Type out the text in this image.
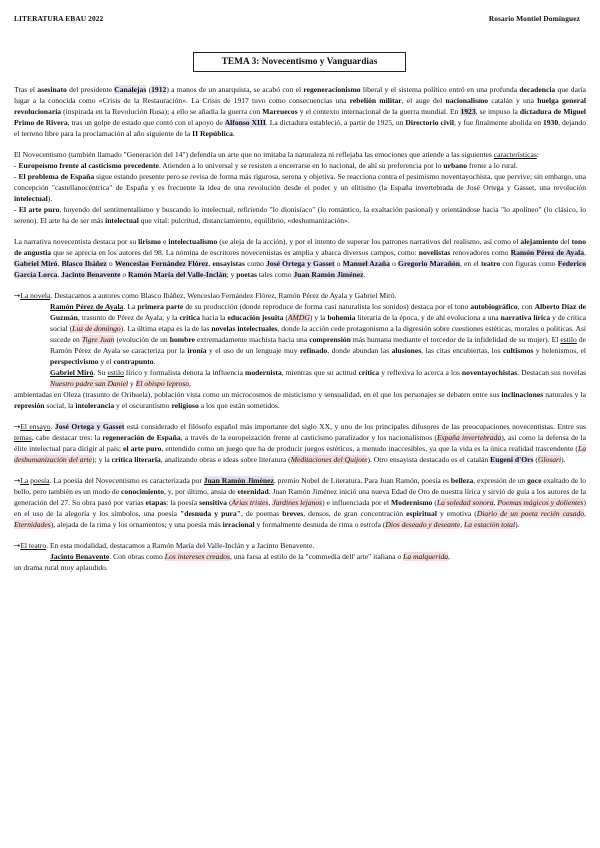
LITERATURA EBAU 2022	Rosario Montiel Domínguez
TEMA 3: Novecentismo y Vanguardias

Tras el asesinato del presidente Canalejas (1912) a manos de un anarquista, se acabó con el regeneracionismo liberal y el sistema político entró en una profunda decadencia que daría lugar a la conocida como «Crisis de la Restauración». La Crisis de 1917 tuvo como consecuencias una rebelión militar, el auge del nacionalismo catalán y una huelga general revolucionaria (inspirada en la Revolución Rusa); a ello se añadía la guerra con Marruecos y el contexto internacional de la guerra mundial. En 1923, se impuso la dictadura de Miguel Primo de Rivera, tras un golpe de estado que contó con el apoyo de Alfonso XIII. La dictadura estableció, a partir de 1925, un Directorio civil, y fue finalmente abolida en 1930, dejando el terreno libre para la proclamación al año siguiente de la II República.

El Novecentismo (también llamado "Generación del 14") defendía un arte que no imitaba la naturaleza ni reflejaba las emociones que atiende a las siguientes características:
- Europeísmo frente al casticismo precedente. Atienden a lo universal y se resisten a encerrarse en lo nacional, de ahí su preferencia por lo urbano frente a lo rural.
- El problema de España sigue estando presente pero se revisa de forma más rigurosa, serena y objetiva. Se reacciona contra el pesimismo noventayochista, que pervive; sin embargo, una concepción "castellanocéntrica" de España y es frecuente la idea de una revolución desde el poder y un elitismo (la España invertebrada de José Ortega y Gasset, una revolución intelectual).
- El arte puro, huyendo del sentimentalismo y buscando lo intelectual, refiriendo "lo dionisíaco" (lo romántico, la exaltación pasional) y orientándose hacia "lo apolíneo" (lo clásico, lo sereno). El arte ha de ser más intelectual que vital: pulcritud, distanciamiento, equilibrio, «deshumanización».

La narrativa novecentista destaca por su lirismo e intelectualismo (se aleja de la acción), y por el intento de superar los patrones narrativos del realismo, así como el alejamiento del tono de angustia que se aprecia en los autores del 98. La nómina de escritores novecentistas es amplia y abarca diversos campos, como: novelistas renovadores como Ramón Pérez de Ayala, Gabriel Miró, Blasco Ibáñez o Wenceslao Fernández Flórez, ensayistas como José Ortega y Gasset o Manuel Azaña o Gregorio Marañón, en el teatro con figuras como Federico García Lorca, Jacinto Benavente o Ramón María del Valle-Inclán; y poetas tales como Juan Ramón Jiménez.

→La novela. Destacamos a autores como Blasco Ibáñez, Wenceslao Fernández Flórez, Ramón Pérez de Ayala y Gabriel Miró.

Ramón Pérez de Ayala. La primera parte de su producción (donde reproduce de forma casi naturalista los sonidos) destaca por el tono autobiográfico, con Alberto Díaz de Guzmán, trasunto de Pérez de Ayala; y la crítica hacia la educación jesuita (AMDG) y la bohemia literaria de la época, y de ahí evoluciona a una narrativa lírica y de crítica social (Luz de domingo). La última etapa es la de las novelas intelectuales, donde la acción cede protagonismo a la digresión sobre cuestiones estéticas, morales o políticas. Así sucede en Tigre Juan (evolución de un hombre extremadamente machista hacia una comprensión más humana mediante el torcedor de la infidelidad de su mujer). El estilo de Ramón Pérez de Ayala se caracteriza por la ironía y el uso de un lenguaje muy refinado, donde abundan las alusiones, las citas encubiertas, los cultismos y helenismos, el perspectivismo y el contrapunto.

Gabriel Miró. Su estilo lírico y formalista denota la influencia modernista, mientras que su actitud crítica y reflexiva lo acerca a los noventayochistas. Destacan sus novelas Nuestro padre san Daniel y El obispo leproso,

ambientadas en Oleza (trasunto de Orihuela), población vista como un microcosmos de misticismo y sensualidad, en el que los personajes se debaten entre sus inclinaciones naturales y la represión social, la intolerancia y el oscurantismo religioso a los que están sometidos.

→El ensayo. José Ortega y Gasset está considerado el filósofo español más importante del siglo XX, y uno de los principales difusores de las preocupaciones novecentistas. Entre sus temas, cabe destacar tres: la regeneración de España, a través de la europeización frente al casticismo paralizador y los nacionalismos (España invertebrada), así como la defensa de la élite intelectual para dirigir al país; el arte puro, entendido como un juego que ha de producir juegos estéticos, a menudo inaccesibles, ya que la vida es la única realidad trascendente (La deshumanización del arte); y la crítica literaria, analizando obras e ideas sobre literatura (Meditaciones del Quijote). Otro ensayista destacado es el catalán Eugeni d'Ors (Glosari).

→La poesía. La poesía del Novecentismo es caracterizada por Juan Ramón Jiménez, premio Nobel de Literatura. Para Juan Ramón, poesía es belleza, expresión de un goce exaltado de lo bello, pero también es un modo de conocimiento, y, por último, ansia de eternidad. Juan Ramón Jiménez inició una nueva Edad de Oro de nuestra lírica y sirvió de guía a los autores de la generación del 27. Su obra pasó por varias etapas: la poesía sensitiva (Arias tristes, Jardines lejanos) e influenciada por el Modernismo (La soledad sonora, Poemas mágicos y dolientes) en el uso de la alegoría y los símbolos, una poesía "desnuda y pura", de poemas breves, densos, de gran concentración espiritual y emotiva (Diario de un poeta recién casado, Eternidades), alejada de la rima y los ornamentos; y una poesía más irracional y formalmente desnuda de rima o estrofa (Dios deseado y deseante, La estación total).

→El teatro. En esta modalidad, destacamos a Ramón María del Valle-Inclán y a Jacinto Benavente.

Jacinto Benavente. Con obras como Los intereses creados, una farsa al estilo de la "commedia dell' arte" italiana o La malquerida,

un drama rural muy aplaudido.
